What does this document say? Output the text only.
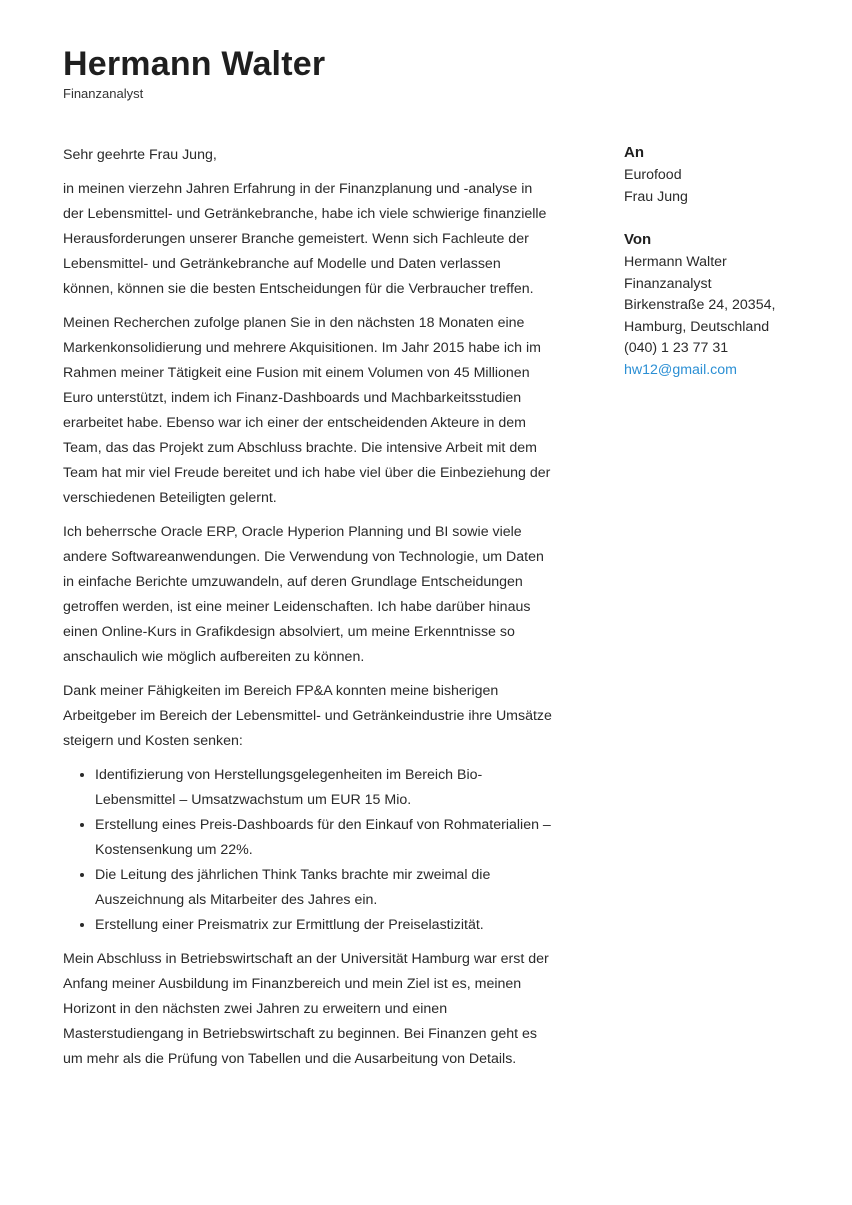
Hermann Walter
Finanzanalyst

Sehr geehrte Frau Jung,

in meinen vierzehn Jahren Erfahrung in der Finanzplanung und -analyse in der Lebensmittel- und Getränkebranche, habe ich viele schwierige finanzielle Herausforderungen unserer Branche gemeistert. Wenn sich Fachleute der Lebensmittel- und Getränkebranche auf Modelle und Daten verlassen können, können sie die besten Entscheidungen für die Verbraucher treffen.

Meinen Recherchen zufolge planen Sie in den nächsten 18 Monaten eine Markenkonsolidierung und mehrere Akquisitionen. Im Jahr 2015 habe ich im Rahmen meiner Tätigkeit eine Fusion mit einem Volumen von 45 Millionen Euro unterstützt, indem ich Finanz-Dashboards und Machbarkeitsstudien erarbeitet habe. Ebenso war ich einer der entscheidenden Akteure in dem Team, das das Projekt zum Abschluss brachte. Die intensive Arbeit mit dem Team hat mir viel Freude bereitet und ich habe viel über die Einbeziehung der verschiedenen Beteiligten gelernt.

Ich beherrsche Oracle ERP, Oracle Hyperion Planning und BI sowie viele andere Softwareanwendungen. Die Verwendung von Technologie, um Daten in einfache Berichte umzuwandeln, auf deren Grundlage Entscheidungen getroffen werden, ist eine meiner Leidenschaften. Ich habe darüber hinaus einen Online-Kurs in Grafikdesign absolviert, um meine Erkenntnisse so anschaulich wie möglich aufbereiten zu können.

Dank meiner Fähigkeiten im Bereich FP&A konnten meine bisherigen Arbeitgeber im Bereich der Lebensmittel- und Getränkeindustrie ihre Umsätze steigern und Kosten senken:

• Identifizierung von Herstellungsgelegenheiten im Bereich Bio-Lebensmittel – Umsatzwachstum um EUR 15 Mio.
• Erstellung eines Preis-Dashboards für den Einkauf von Rohmaterialien –Kostensenkung um 22%.
• Die Leitung des jährlichen Think Tanks brachte mir zweimal die Auszeichnung als Mitarbeiter des Jahres ein.
• Erstellung einer Preismatrix zur Ermittlung der Preiselastizität.

Mein Abschluss in Betriebswirtschaft an der Universität Hamburg war erst der Anfang meiner Ausbildung im Finanzbereich und mein Ziel ist es, meinen Horizont in den nächsten zwei Jahren zu erweitern und einen Masterstudiengang in Betriebswirtschaft zu beginnen. Bei Finanzen geht es um mehr als die Prüfung von Tabellen und die Ausarbeitung von Details.

An
Eurofood
Frau Jung
Von
Hermann Walter
Finanzanalyst
Birkenstraße 24, 20354,
Hamburg, Deutschland
(040) 1 23 77 31
hw12@gmail.com
